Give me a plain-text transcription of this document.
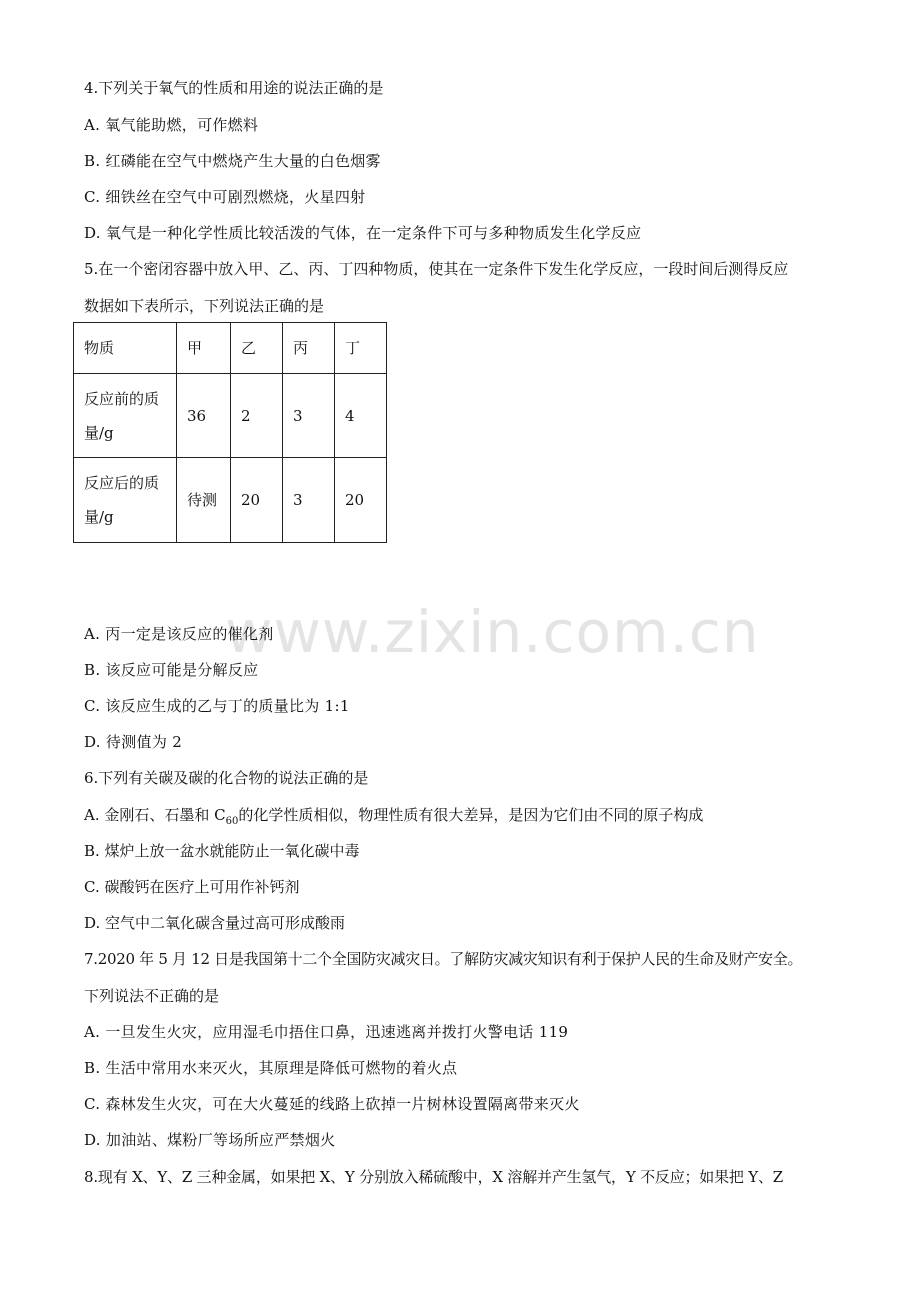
www.zixin.com.cn
4.下列关于氧气的性质和用途的说法正确的是
A. 氧气能助燃，可作燃料
B. 红磷能在空气中燃烧产生大量的白色烟雾
C. 细铁丝在空气中可剧烈燃烧，火星四射
D. 氧气是一种化学性质比较活泼的气体，在一定条件下可与多种物质发生化学反应
5.在一个密闭容器中放入甲、乙、丙、丁四种物质，使其在一定条件下发生化学反应，一段时间后测得反应
数据如下表所示，下列说法正确的是
物质	甲	乙	丙	丁

反应前的质
量/g	36	2	3	4

反应后的质
量/g	待测	20	3	20
A. 丙一定是该反应的催化剂
B. 该反应可能是分解反应
C. 该反应生成的乙与丁的质量比为 1:1
D. 待测值为 2
6.下列有关碳及碳的化合物的说法正确的是
A. 金刚石、石墨和 $C_{60}$的化学性质相似，物理性质有很大差异，是因为它们由不同的原子构成
B. 煤炉上放一盆水就能防止一氧化碳中毒
C. 碳酸钙在医疗上可用作补钙剂
D. 空气中二氧化碳含量过高可形成酸雨
7.2020 年 5 月 12 日是我国第十二个全国防灾减灾日。了解防灾减灾知识有利于保护人民的生命及财产安全。
下列说法不正确的是
A. 一旦发生火灾，应用湿毛巾捂住口鼻，迅速逃离并拨打火警电话 119
B. 生活中常用水来灭火，其原理是降低可燃物的着火点
C. 森林发生火灾，可在大火蔓延的线路上砍掉一片树林设置隔离带来灭火
D. 加油站、煤粉厂等场所应严禁烟火
8.现有 X、Y、Z 三种金属，如果把 X、Y 分别放入稀硫酸中，X 溶解并产生氢气，Y 不反应；如果把 Y、Z
